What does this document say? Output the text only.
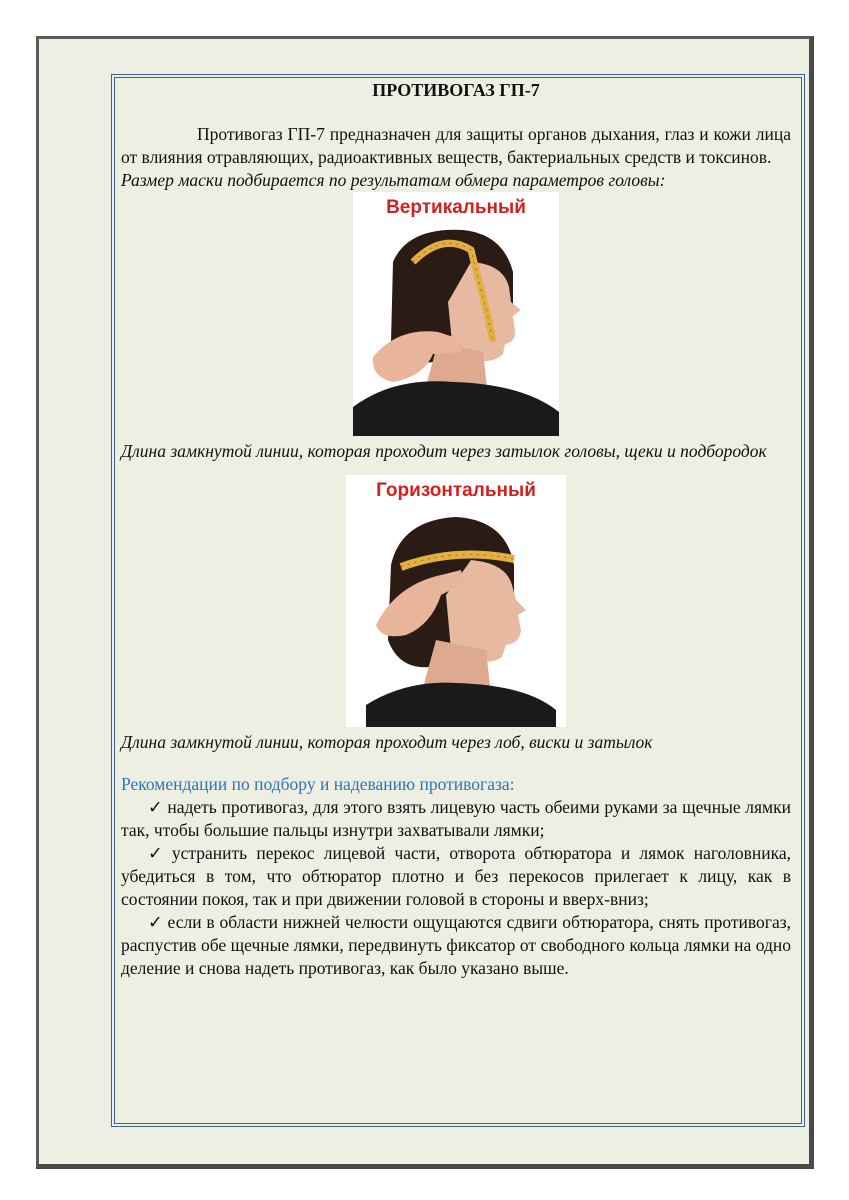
ПРОТИВОГАЗ ГП-7

Противогаз ГП-7 предназначен для защиты органов дыхания, глаз и кожи лица от влияния отравляющих, радиоактивных веществ, бактериальных средств и токсинов.

Размер маски подбирается по результатам обмера параметров головы:

Вертикальный

Длина замкнутой линии, которая проходит через затылок головы, щеки и подбородок

Горизонтальный

Длина замкнутой линии, которая проходит через лоб, виски и затылок

Рекомендации по подбору и надеванию противогаза:

✓ надеть противогаз, для этого взять лицевую часть обеими руками за щечные лямки так, чтобы большие пальцы изнутри захватывали лямки;

✓ устранить перекос лицевой части, отворота обтюратора и лямок наголовника, убедиться в том, что обтюратор плотно и без перекосов прилегает к лицу, как в состоянии покоя, так и при движении головой в стороны и вверх-вниз;

✓ если в области нижней челюсти ощущаются сдвиги обтюратора, снять противогаз, распустив обе щечные лямки, передвинуть фиксатор от свободного кольца лямки на одно деление и снова надеть противогаз, как было указано выше.
